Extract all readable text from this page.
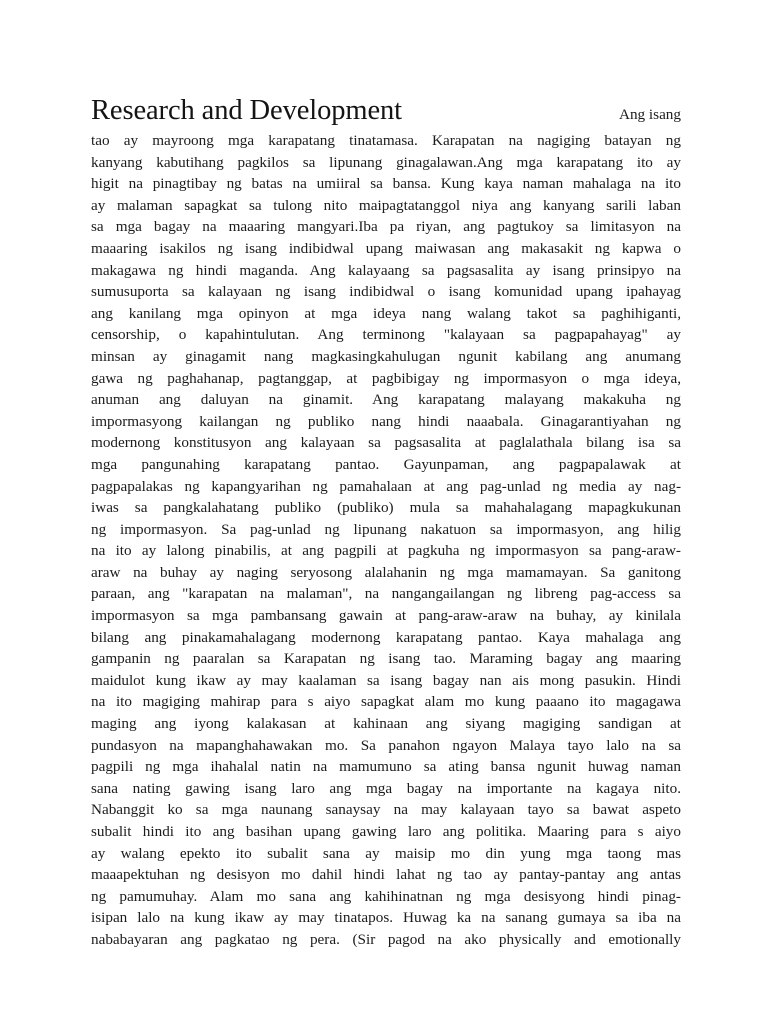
Research and Development	Ang isang
tao ay mayroong mga karapatang tinatamasa. Karapatan na nagiging batayan ng
kanyang kabutihang pagkilos sa lipunang ginagalawan.Ang mga karapatang ito ay
higit na pinagtibay ng batas na umiiral sa bansa. Kung kaya naman mahalaga na ito
ay malaman sapagkat sa tulong nito maipagtatanggol niya ang kanyang sarili laban
sa mga bagay na maaaring mangyari.Iba pa riyan, ang pagtukoy sa limitasyon na
maaaring isakilos ng isang indibidwal upang maiwasan ang makasakit ng kapwa o
makagawa ng hindi maganda. Ang kalayaang sa pagsasalita ay isang prinsipyo na
sumusuporta sa kalayaan ng isang indibidwal o isang komunidad upang ipahayag
ang kanilang mga opinyon at mga ideya nang walang takot sa paghihiganti,
censorship, o kapahintulutan. Ang terminong "kalayaan sa pagpapahayag" ay
minsan ay ginagamit nang magkasingkahulugan ngunit kabilang ang anumang
gawa ng paghahanap, pagtanggap, at pagbibigay ng impormasyon o mga ideya,
anuman ang daluyan na ginamit. Ang karapatang malayang makakuha ng
impormasyong kailangan ng publiko nang hindi naaabala. Ginagarantiyahan ng
modernong konstitusyon ang kalayaan sa pagsasalita at paglalathala bilang isa sa
mga pangunahing karapatang pantao. Gayunpaman, ang pagpapalawak at
pagpapalakas ng kapangyarihan ng pamahalaan at ang pag-unlad ng media ay nag-
iwas sa pangkalahatang publiko (publiko) mula sa mahahalagang mapagkukunan
ng impormasyon. Sa pag-unlad ng lipunang nakatuon sa impormasyon, ang hilig
na ito ay lalong pinabilis, at ang pagpili at pagkuha ng impormasyon sa pang-araw-
araw na buhay ay naging seryosong alalahanin ng mga mamamayan. Sa ganitong
paraan, ang "karapatan na malaman", na nangangailangan ng libreng pag-access sa
impormasyon sa mga pambansang gawain at pang-araw-araw na buhay, ay kinilala
bilang ang pinakamahalagang modernong karapatang pantao. Kaya mahalaga ang
gampanin ng paaralan sa Karapatan ng isang tao. Maraming bagay ang maaring
maidulot kung ikaw ay may kaalaman sa isang bagay nan ais mong pasukin. Hindi
na ito magiging mahirap para s aiyo sapagkat alam mo kung paaano ito magagawa
maging ang iyong kalakasan at kahinaan ang siyang magiging sandigan at
pundasyon na mapanghahawakan mo. Sa panahon ngayon Malaya tayo lalo na sa
pagpili ng mga ihahalal natin na mamumuno sa ating bansa ngunit huwag naman
sana nating gawing isang laro ang mga bagay na importante na kagaya nito.
Nabanggit ko sa mga naunang sanaysay na may kalayaan tayo sa bawat aspeto
subalit hindi ito ang basihan upang gawing laro ang politika. Maaring para s aiyo
ay walang epekto ito subalit sana ay maisip mo din yung mga taong mas
maaapektuhan ng desisyon mo dahil hindi lahat ng tao ay pantay-pantay ang antas
ng pamumuhay. Alam mo sana ang kahihinatnan ng mga desisyong hindi pinag-
isipan lalo na kung ikaw ay may tinatapos. Huwag ka na sanang gumaya sa iba na
nababayaran ang pagkatao ng pera. (Sir pagod na ako physically and emotionally
